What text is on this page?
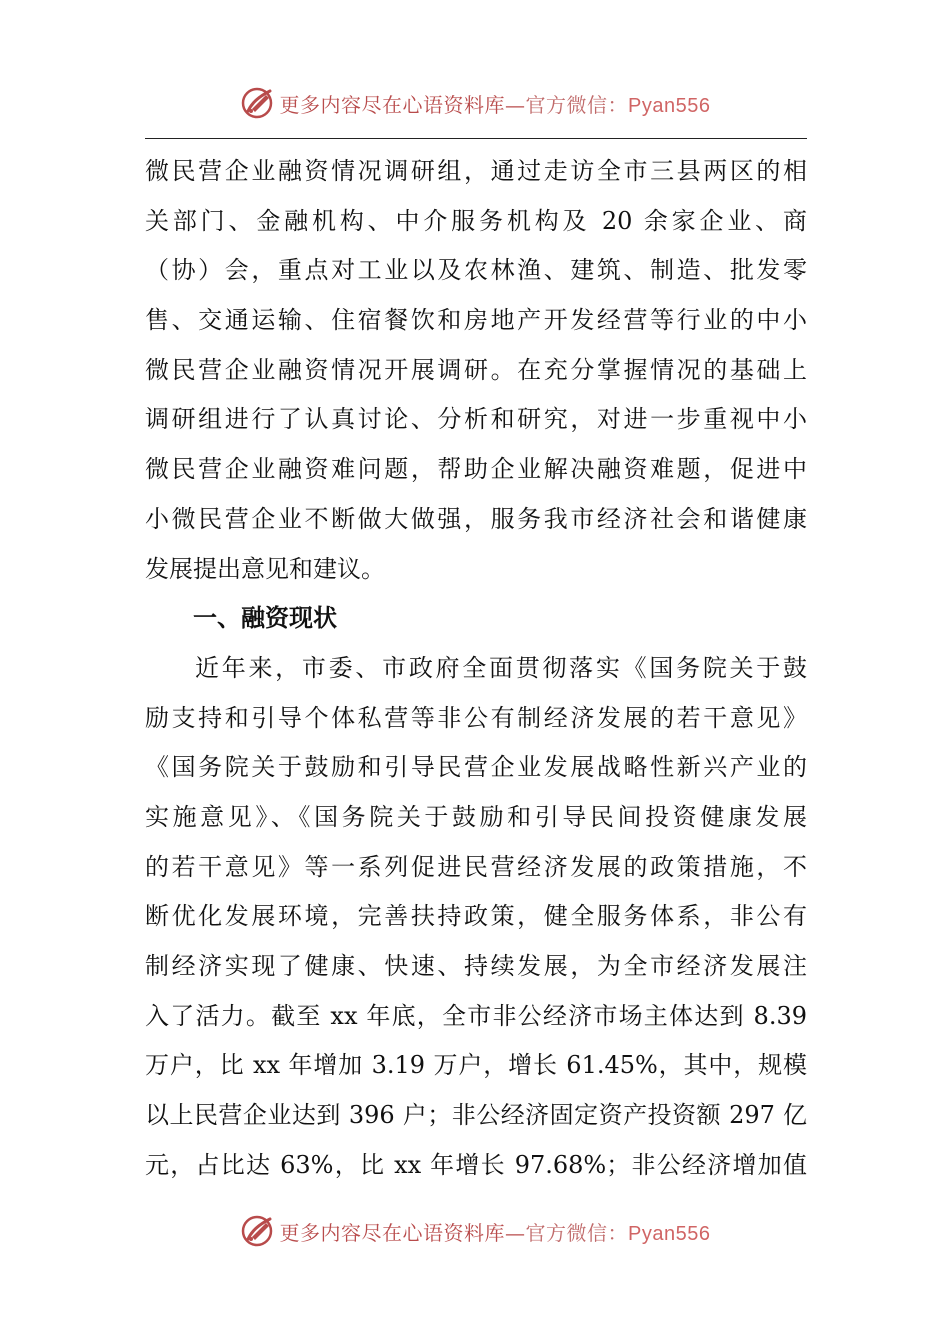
更多内容尽在心语资料库—官方微信：Pyan556

微民营企业融资情况调研组，通过走访全市三县两区的相
关部门、金融机构、中介服务机构及 20 余家企业、商
（协）会，重点对工业以及农林渔、建筑、制造、批发零
售、交通运输、住宿餐饮和房地产开发经营等行业的中小
微民营企业融资情况开展调研。在充分掌握情况的基础上
调研组进行了认真讨论、分析和研究，对进一步重视中小
微民营企业融资难问题，帮助企业解决融资难题，促进中
小微民营企业不断做大做强，服务我市经济社会和谐健康
发展提出意见和建议。

一、融资现状

近年来，市委、市政府全面贯彻落实《国务院关于鼓
励支持和引导个体私营等非公有制经济发展的若干意见》
《国务院关于鼓励和引导民营企业发展战略性新兴产业的
实施意见》、《国务院关于鼓励和引导民间投资健康发展
的若干意见》等一系列促进民营经济发展的政策措施，不
断优化发展环境，完善扶持政策，健全服务体系，非公有
制经济实现了健康、快速、持续发展，为全市经济发展注
入了活力。截至 xx 年底，全市非公经济市场主体达到 8.39
万户，比 xx 年增加 3.19 万户，增长 61.45%，其中，规模
以上民营企业达到 396 户；非公经济固定资产投资额 297 亿
元，占比达 63%，比 xx 年增长 97.68%；非公经济增加值

更多内容尽在心语资料库—官方微信：Pyan556
